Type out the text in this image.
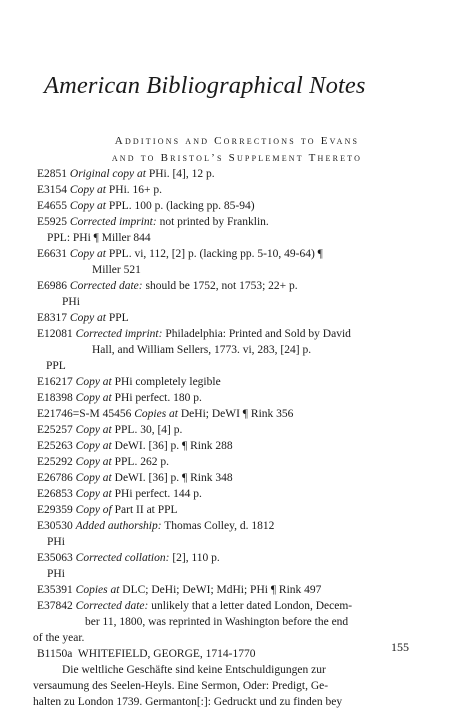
American Bibliographical Notes
Additions and Corrections to Evans
and to Bristol’s Supplement Thereto
E2851 Original copy at PHi. [4], 12 p.
E3154 Copy at PHi. 16+ p.
E4655 Copy at PPL. 100 p. (lacking pp. 85-94)
E5925 Corrected imprint: not printed by Franklin.
PPL: PHi ¶ Miller 844
E6631 Copy at PPL. vi, 112, [2] p. (lacking pp. 5-10, 49-64) ¶
Miller 521
E6986 Corrected date: should be 1752, not 1753; 22+ p.
PHi
E8317 Copy at PPL
E12081 Corrected imprint: Philadelphia: Printed and Sold by David
Hall, and William Sellers, 1773. vi, 283, [24] p.
PPL
E16217 Copy at PHi completely legible
E18398 Copy at PHi perfect. 180 p.
E21746=S-M 45456 Copies at DeHi; DeWI ¶ Rink 356
E25257 Copy at PPL. 30, [4] p.
E25263 Copy at DeWI. [36] p. ¶ Rink 288
E25292 Copy at PPL. 262 p.
E26786 Copy at DeWI. [36] p. ¶ Rink 348
E26853 Copy at PHi perfect. 144 p.
E29359 Copy of Part II at PPL
E30530 Added authorship: Thomas Colley, d. 1812
PHi
E35063 Corrected collation: [2], 110 p.
PHi
E35391 Copies at DLC; DeHi; DeWI; MdHi; PHi ¶ Rink 497
E37842 Corrected date: unlikely that a letter dated London, Decem-
ber 11, 1800, was reprinted in Washington before the end
of the year.
B1150a WHITEFIELD, GEORGE, 1714-1770
Die weltliche Geschäfte sind keine Entschuldigungen zur
versaumung des Seelen-Heyls. Eine Sermon, Oder: Predigt, Ge-
halten zu London 1739. Germanton[:]: Gedruckt und zu finden bey
155
